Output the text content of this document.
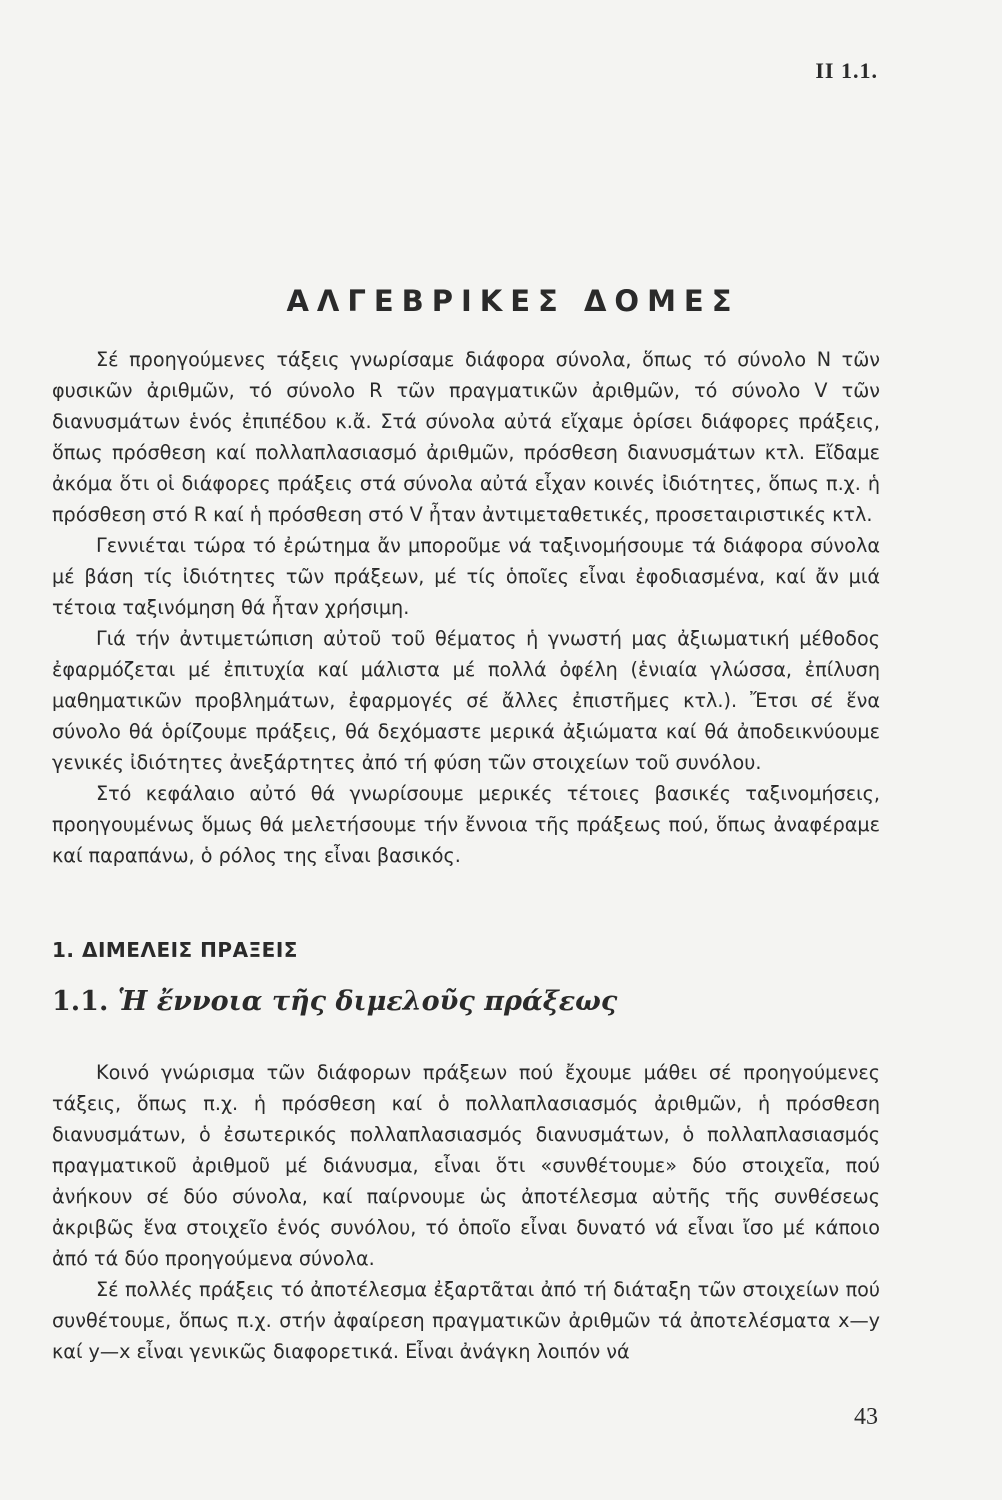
II 1.1.
ΑΛΓΕΒΡΙΚΕΣ ΔΟΜΕΣ

Σέ προηγούμενες τάξεις γνωρίσαμε διάφορα σύνολα, ὅπως τό σύνολο N τῶν φυσικῶν ἀριθμῶν, τό σύνολο R τῶν πραγματικῶν ἀριθμῶν, τό σύνολο V τῶν διανυσμάτων ἑνός ἐπιπέδου κ.ἄ. Στά σύνολα αὐτά εἴχαμε ὁρίσει διάφορες πράξεις, ὅπως πρόσθεση καί πολλαπλασιασμό ἀριθμῶν, πρόσθεση διανυσμάτων κτλ. Εἴδαμε ἀκόμα ὅτι οἱ διάφορες πράξεις στά σύνολα αὐτά εἶχαν κοινές ἰδιότητες, ὅπως π.χ. ἡ πρόσθεση στό R καί ἡ πρόσθεση στό V ἦταν ἀντιμεταθετικές, προσεταιριστικές κτλ.

Γεννιέται τώρα τό ἐρώτημα ἄν μποροῦμε νά ταξινομήσουμε τά διάφορα σύνολα μέ βάση τίς ἰδιότητες τῶν πράξεων, μέ τίς ὁποῖες εἶναι ἐφοδιασμένα, καί ἄν μιά τέτοια ταξινόμηση θά ἦταν χρήσιμη.

Γιά τήν ἀντιμετώπιση αὐτοῦ τοῦ θέματος ἡ γνωστή μας ἀξιωματική μέθοδος ἐφαρμόζεται μέ ἐπιτυχία καί μάλιστα μέ πολλά ὀφέλη (ἑνιαία γλώσσα, ἐπίλυση μαθηματικῶν προβλημάτων, ἐφαρμογές σέ ἄλλες ἐπιστῆμες κτλ.). Ἔτσι σέ ἕνα σύνολο θά ὁρίζουμε πράξεις, θά δεχόμαστε μερικά ἀξιώματα καί θά ἀποδεικνύουμε γενικές ἰδιότητες ἀνεξάρτητες ἀπό τή φύση τῶν στοιχείων τοῦ συνόλου.

Στό κεφάλαιο αὐτό θά γνωρίσουμε μερικές τέτοιες βασικές ταξινομήσεις, προηγουμένως ὅμως θά μελετήσουμε τήν ἔννοια τῆς πράξεως πού, ὅπως ἀναφέραμε καί παραπάνω, ὁ ρόλος της εἶναι βασικός.

1. ΔΙΜΕΛΕΙΣ ΠΡΑΞΕΙΣ
1.1. Ἡ ἔννοια τῆς διμελοῦς πράξεως

Κοινό γνώρισμα τῶν διάφορων πράξεων πού ἔχουμε μάθει σέ προηγούμενες τάξεις, ὅπως π.χ. ἡ πρόσθεση καί ὁ πολλαπλασιασμός ἀριθμῶν, ἡ πρόσθεση διανυσμάτων, ὁ ἐσωτερικός πολλαπλασιασμός διανυσμάτων, ὁ πολλαπλασιασμός πραγματικοῦ ἀριθμοῦ μέ διάνυσμα, εἶναι ὅτι «συνθέτουμε» δύο στοιχεῖα, πού ἀνήκουν σέ δύο σύνολα, καί παίρνουμε ὡς ἀποτέλεσμα αὐτῆς τῆς συνθέσεως ἀκριβῶς ἕνα στοιχεῖο ἑνός συνόλου, τό ὁποῖο εἶναι δυνατό νά εἶναι ἴσο μέ κάποιο ἀπό τά δύο προηγούμενα σύνολα.

Σέ πολλές πράξεις τό ἀποτέλεσμα ἐξαρτᾶται ἀπό τή διάταξη τῶν στοιχείων πού συνθέτουμε, ὅπως π.χ. στήν ἀφαίρεση πραγματικῶν ἀριθμῶν τά ἀποτελέσματα x—y καί y—x εἶναι γενικῶς διαφορετικά. Εἶναι ἀνάγκη λοιπόν νά

43
